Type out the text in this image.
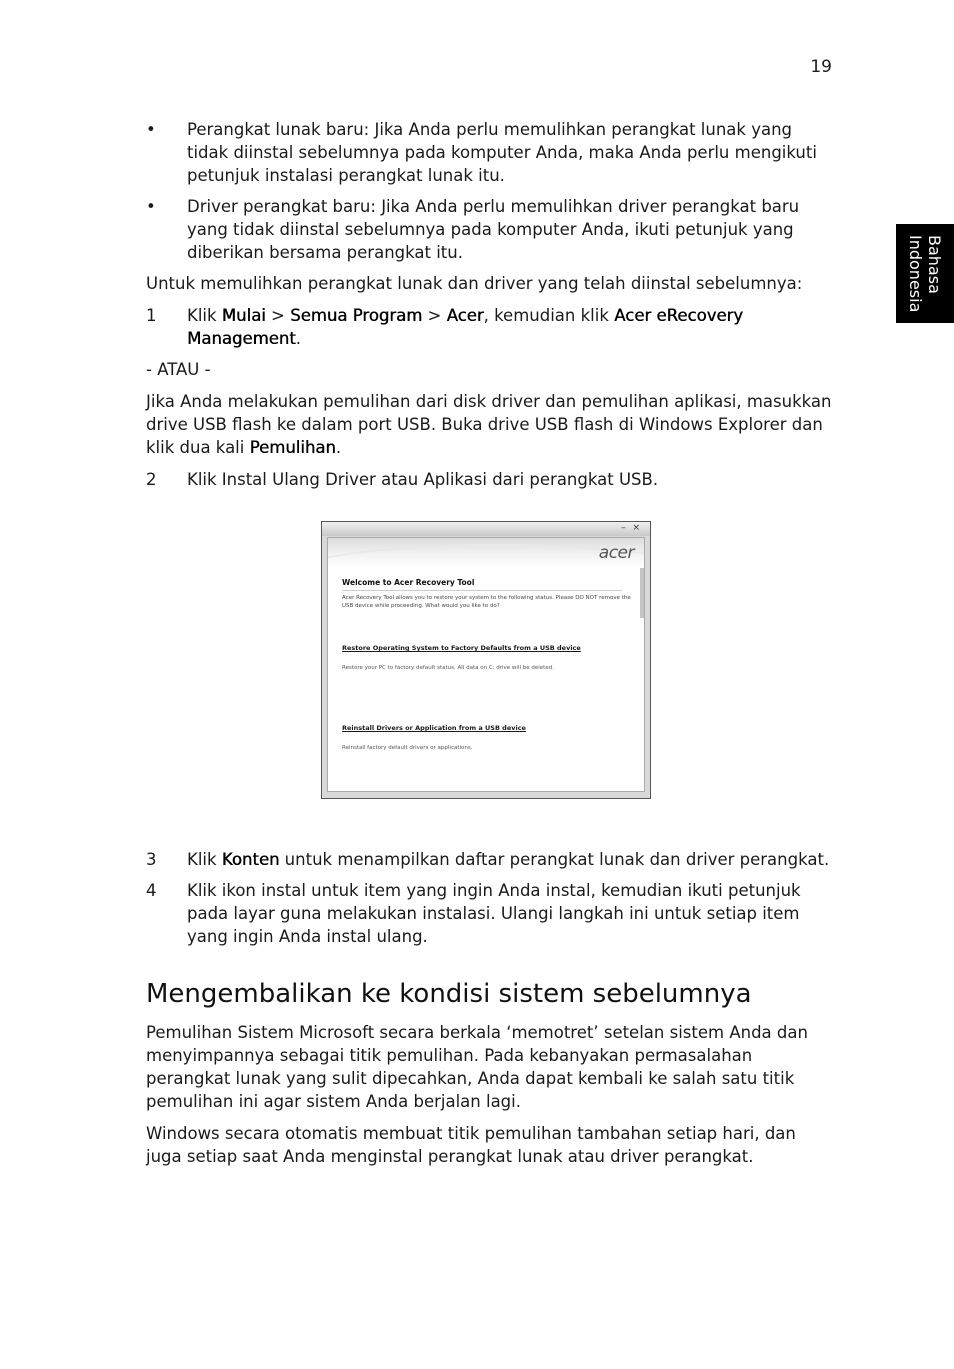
19
Bahasa
Indonesia
• Perangkat lunak baru: Jika Anda perlu memulihkan perangkat lunak yang tidak diinstal sebelumnya pada komputer Anda, maka Anda perlu mengikuti petunjuk instalasi perangkat lunak itu.
• Driver perangkat baru: Jika Anda perlu memulihkan driver perangkat baru yang tidak diinstal sebelumnya pada komputer Anda, ikuti petunjuk yang diberikan bersama perangkat itu.

Untuk memulihkan perangkat lunak dan driver yang telah diinstal sebelumnya:

1 Klik Mulai > Semua Program > Acer, kemudian klik Acer eRecovery Management.

- ATAU -

Jika Anda melakukan pemulihan dari disk driver dan pemulihan aplikasi, masukkan drive USB flash ke dalam port USB. Buka drive USB flash di Windows Explorer dan klik dua kali Pemulihan.

2 Klik Instal Ulang Driver atau Aplikasi dari perangkat USB.
3 Klik Konten untuk menampilkan daftar perangkat lunak dan driver perangkat.
4 Klik ikon instal untuk item yang ingin Anda instal, kemudian ikuti petunjuk pada layar guna melakukan instalasi. Ulangi langkah ini untuk setiap item yang ingin Anda instal ulang.
Mengembalikan ke kondisi sistem sebelumnya

Pemulihan Sistem Microsoft secara berkala ‘memotret’ setelan sistem Anda dan menyimpannya sebagai titik pemulihan. Pada kebanyakan permasalahan perangkat lunak yang sulit dipecahkan, Anda dapat kembali ke salah satu titik pemulihan ini agar sistem Anda berjalan lagi.

Windows secara otomatis membuat titik pemulihan tambahan setiap hari, dan juga setiap saat Anda menginstal perangkat lunak atau driver perangkat.

– ×
acer
Welcome to Acer Recovery Tool
Acer Recovery Tool allows you to restore your system to the following status. Please DO NOT remove the USB device while proceeding. What would you like to do?
Restore Operating System to Factory Defaults from a USB device
Restore your PC to factory default status. All data on C: drive will be deleted.
Reinstall Drivers or Application from a USB device
Reinstall factory default drivers or applications.
